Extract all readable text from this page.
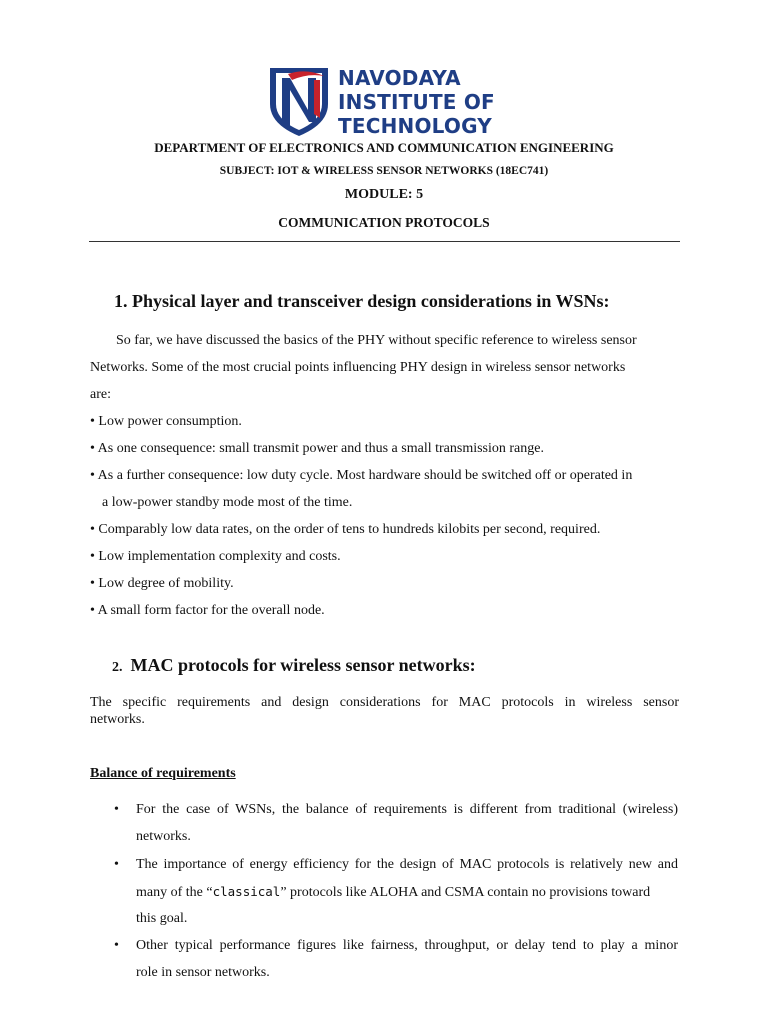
NAVODAYA
INSTITUTE OF
TECHNOLOGY
DEPARTMENT OF ELECTRONICS AND COMMUNICATION ENGINEERING
SUBJECT: IOT & WIRELESS SENSOR NETWORKS (18EC741)
MODULE: 5
COMMUNICATION PROTOCOLS
1. Physical layer and transceiver design considerations in WSNs:
So far, we have discussed the basics of the PHY without specific reference to wireless sensor
Networks. Some of the most crucial points influencing PHY design in wireless sensor networks
are:
• Low power consumption.
• As one consequence: small transmit power and thus a small transmission range.
• As a further consequence: low duty cycle. Most hardware should be switched off or operated in
a low-power standby mode most of the time.
• Comparably low data rates, on the order of tens to hundreds kilobits per second, required.
• Low implementation complexity and costs.
• Low degree of mobility.
• A small form factor for the overall node.
2. MAC protocols for wireless sensor networks:
The specific requirements and design considerations for MAC protocols in wireless sensor
networks.
Balance of requirements
• For the case of WSNs, the balance of requirements is different from traditional (wireless)
networks.
• The importance of energy efficiency for the design of MAC protocols is relatively new and
many of the “classical” protocols like ALOHA and CSMA contain no provisions toward
this goal.
• Other typical performance figures like fairness, throughput, or delay tend to play a minor
role in sensor networks.
